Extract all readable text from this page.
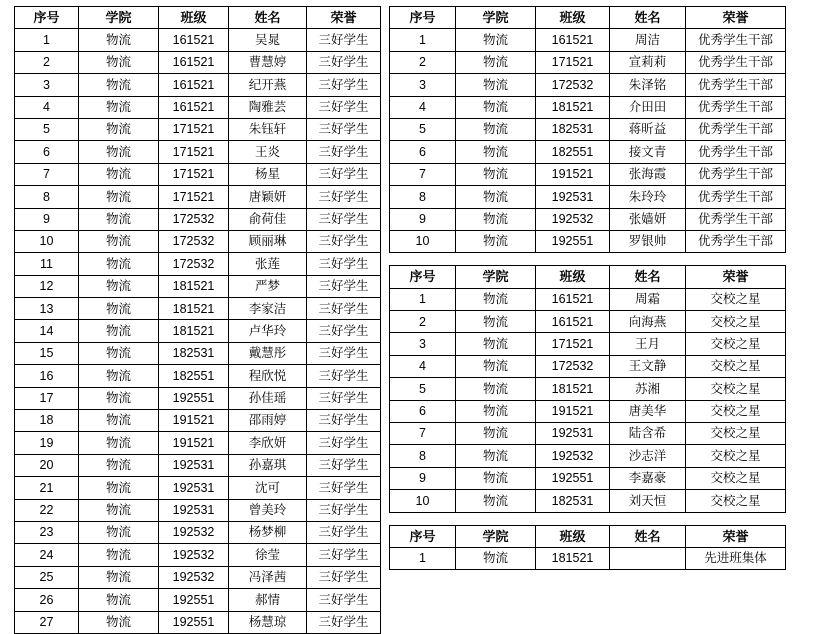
序号	学院	班级	姓名	荣誉
1	物流	161521	吴晁	三好学生
2	物流	161521	曹慧婷	三好学生
3	物流	161521	纪开燕	三好学生
4	物流	161521	陶雅芸	三好学生
5	物流	171521	朱钰轩	三好学生
6	物流	171521	王炎	三好学生
7	物流	171521	杨星	三好学生
8	物流	171521	唐颖妍	三好学生
9	物流	172532	俞荷佳	三好学生
10	物流	172532	顾丽琳	三好学生
11	物流	172532	张莲	三好学生
12	物流	181521	严梦	三好学生
13	物流	181521	李家洁	三好学生
14	物流	181521	卢华玲	三好学生
15	物流	182531	戴慧彤	三好学生
16	物流	182551	程欣悦	三好学生
17	物流	192551	孙佳瑶	三好学生
18	物流	191521	邵雨婷	三好学生
19	物流	191521	李欣妍	三好学生
20	物流	192531	孙嘉琪	三好学生
21	物流	192531	沈可	三好学生
22	物流	192531	曾美玲	三好学生
23	物流	192532	杨梦柳	三好学生
24	物流	192532	徐莹	三好学生
25	物流	192532	冯泽茜	三好学生
26	物流	192551	郝情	三好学生
27	物流	192551	杨慧琼	三好学生
序号	学院	班级	姓名	荣誉
1	物流	161521	周洁	优秀学生干部
2	物流	171521	宣莉莉	优秀学生干部
3	物流	172532	朱泽铭	优秀学生干部
4	物流	181521	介田田	优秀学生干部
5	物流	182531	蒋昕益	优秀学生干部
6	物流	182551	接文青	优秀学生干部
7	物流	191521	张海霞	优秀学生干部
8	物流	192531	朱玲玲	优秀学生干部
9	物流	192532	张嫱妍	优秀学生干部
10	物流	192551	罗银帅	优秀学生干部
序号	学院	班级	姓名	荣誉
1	物流	161521	周霜	交校之星
2	物流	161521	向海燕	交校之星
3	物流	171521	王月	交校之星
4	物流	172532	王文静	交校之星
5	物流	181521	苏湘	交校之星
6	物流	191521	唐美华	交校之星
7	物流	192531	陆含希	交校之星
8	物流	192532	沙志洋	交校之星
9	物流	192551	李嘉豪	交校之星
10	物流	182531	刘天恒	交校之星
序号	学院	班级	姓名	荣誉
1	物流	181521		先进班集体
